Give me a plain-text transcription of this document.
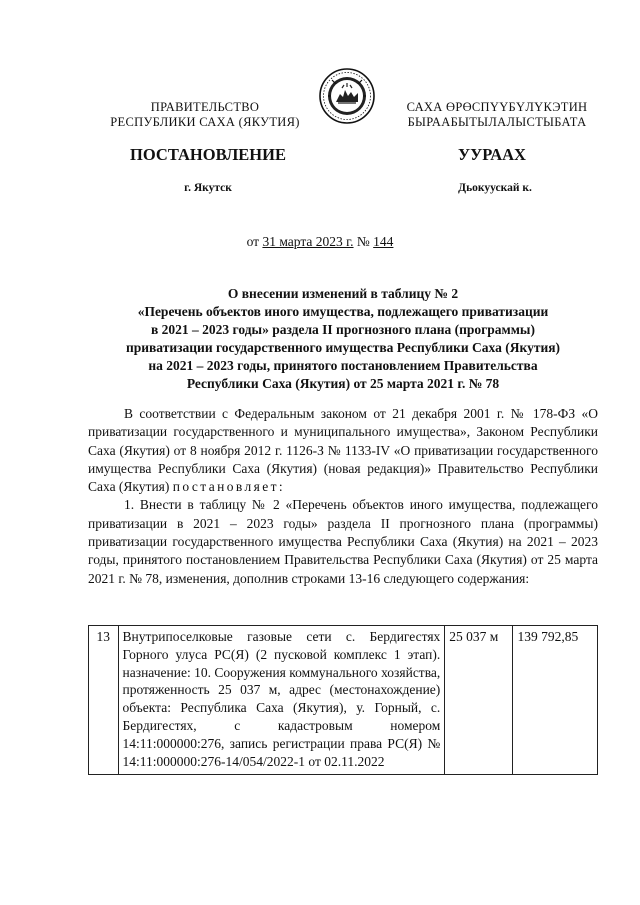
ПРАВИТЕЛЬСТВО
РЕСПУБЛИКИ САХА (ЯКУТИЯ)
САХА ӨРӨСПҮҮБҮЛҮКЭТИН
БЫРААБЫТЫЛАЛЫСТЫБАТА
ПОСТАНОВЛЕНИЕ	УУРААХ
г. Якутск	Дьокуускай к.
от 31 марта 2023 г. № 144
О внесении изменений в таблицу № 2
«Перечень объектов иного имущества, подлежащего приватизации
в 2021 – 2023 годы» раздела II прогнозного плана (программы)
приватизации государственного имущества Республики Саха (Якутия)
на 2021 – 2023 годы, принятого постановлением Правительства
Республики Саха (Якутия) от 25 марта 2021 г. № 78

В соответствии с Федеральным законом от 21 декабря 2001 г. № 178-ФЗ «О приватизации государственного и муниципального имущества», Законом Республики Саха (Якутия) от 8 ноября 2012 г. 1126-З № 1133-IV «О приватизации государственного имущества Республики Саха (Якутия) (новая редакция)» Правительство Республики Саха (Якутия) постановляет:

1. Внести в таблицу № 2 «Перечень объектов иного имущества, подлежащего приватизации в 2021 – 2023 годы» раздела II прогнозного плана (программы) приватизации государственного имущества Республики Саха (Якутия) на 2021 – 2023 годы, принятого постановлением Правительства Республики Саха (Якутия) от 25 марта 2021 г. № 78, изменения, дополнив строками 13-16 следующего содержания:

13	Внутрипоселковые газовые сети с. Бердигестях Горного улуса РС(Я) (2 пусковой комплекс 1 этап). назначение: 10. Сооружения коммунального хозяйства, протяженность 25 037 м, адрес (местонахождение) объекта: Республика Саха (Якутия), у. Горный, с. Бердигестях, с кадастровым номером 14:11:000000:276, запись регистрации права РС(Я) № 14:11:000000:276-14/054/2022-1 от 02.11.2022	25 037 м	139 792,85
